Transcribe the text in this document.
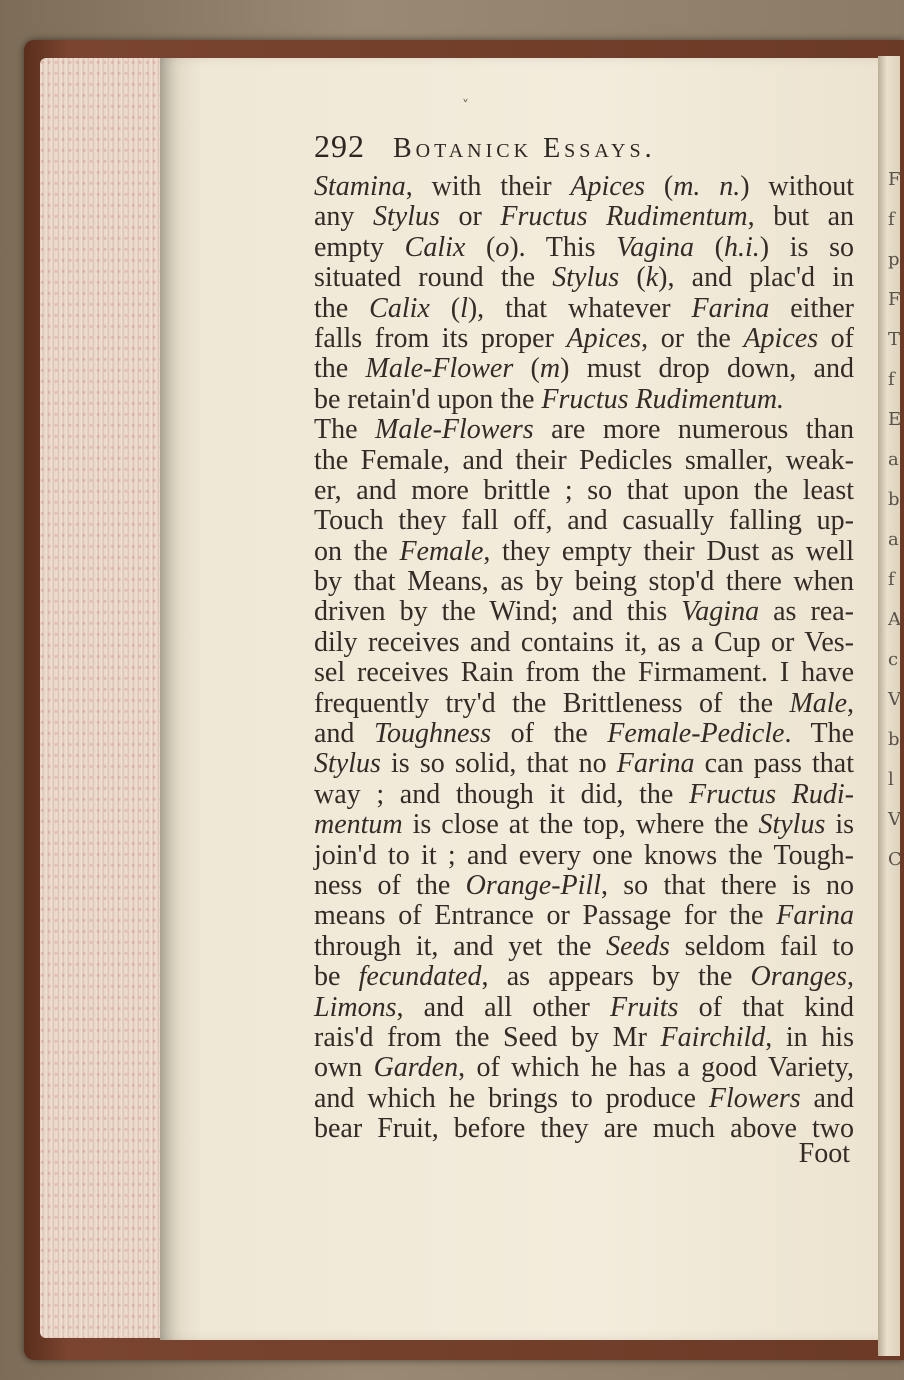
F
f
p
F
T
f
E
a
b
a
f
A
c
V
b
l
V
C
˅
292 Botanick Essays.
Stamina, with their Apices (m. n.) without
any Stylus or Fructus Rudimentum, but an
empty Calix (o). This Vagina (h.i.) is so
situated round the Stylus (k), and plac'd in
the Calix (l), that whatever Farina either
falls from its proper Apices, or the Apices of
the Male-Flower (m) must drop down, and
be retain'd upon the Fructus Rudimentum.
The Male-Flowers are more numerous than
the Female, and their Pedicles smaller, weak-
er, and more brittle ; so that upon the least
Touch they fall off, and casually falling up-
on the Female, they empty their Dust as well
by that Means, as by being stop'd there when
driven by the Wind; and this Vagina as rea-
dily receives and contains it, as a Cup or Ves-
sel receives Rain from the Firmament. I have
frequently try'd the Brittleness of the Male,
and Toughness of the Female-Pedicle. The
Stylus is so solid, that no Farina can pass that
way ; and though it did, the Fructus Rudi-
mentum is close at the top, where the Stylus is
join'd to it ; and every one knows the Tough-
ness of the Orange-Pill, so that there is no
means of Entrance or Passage for the Farina
through it, and yet the Seeds seldom fail to
be fecundated, as appears by the Oranges,
Limons, and all other Fruits of that kind
rais'd from the Seed by Mr Fairchild, in his
own Garden, of which he has a good Variety,
and which he brings to produce Flowers and
bear Fruit, before they are much above two
Foot
